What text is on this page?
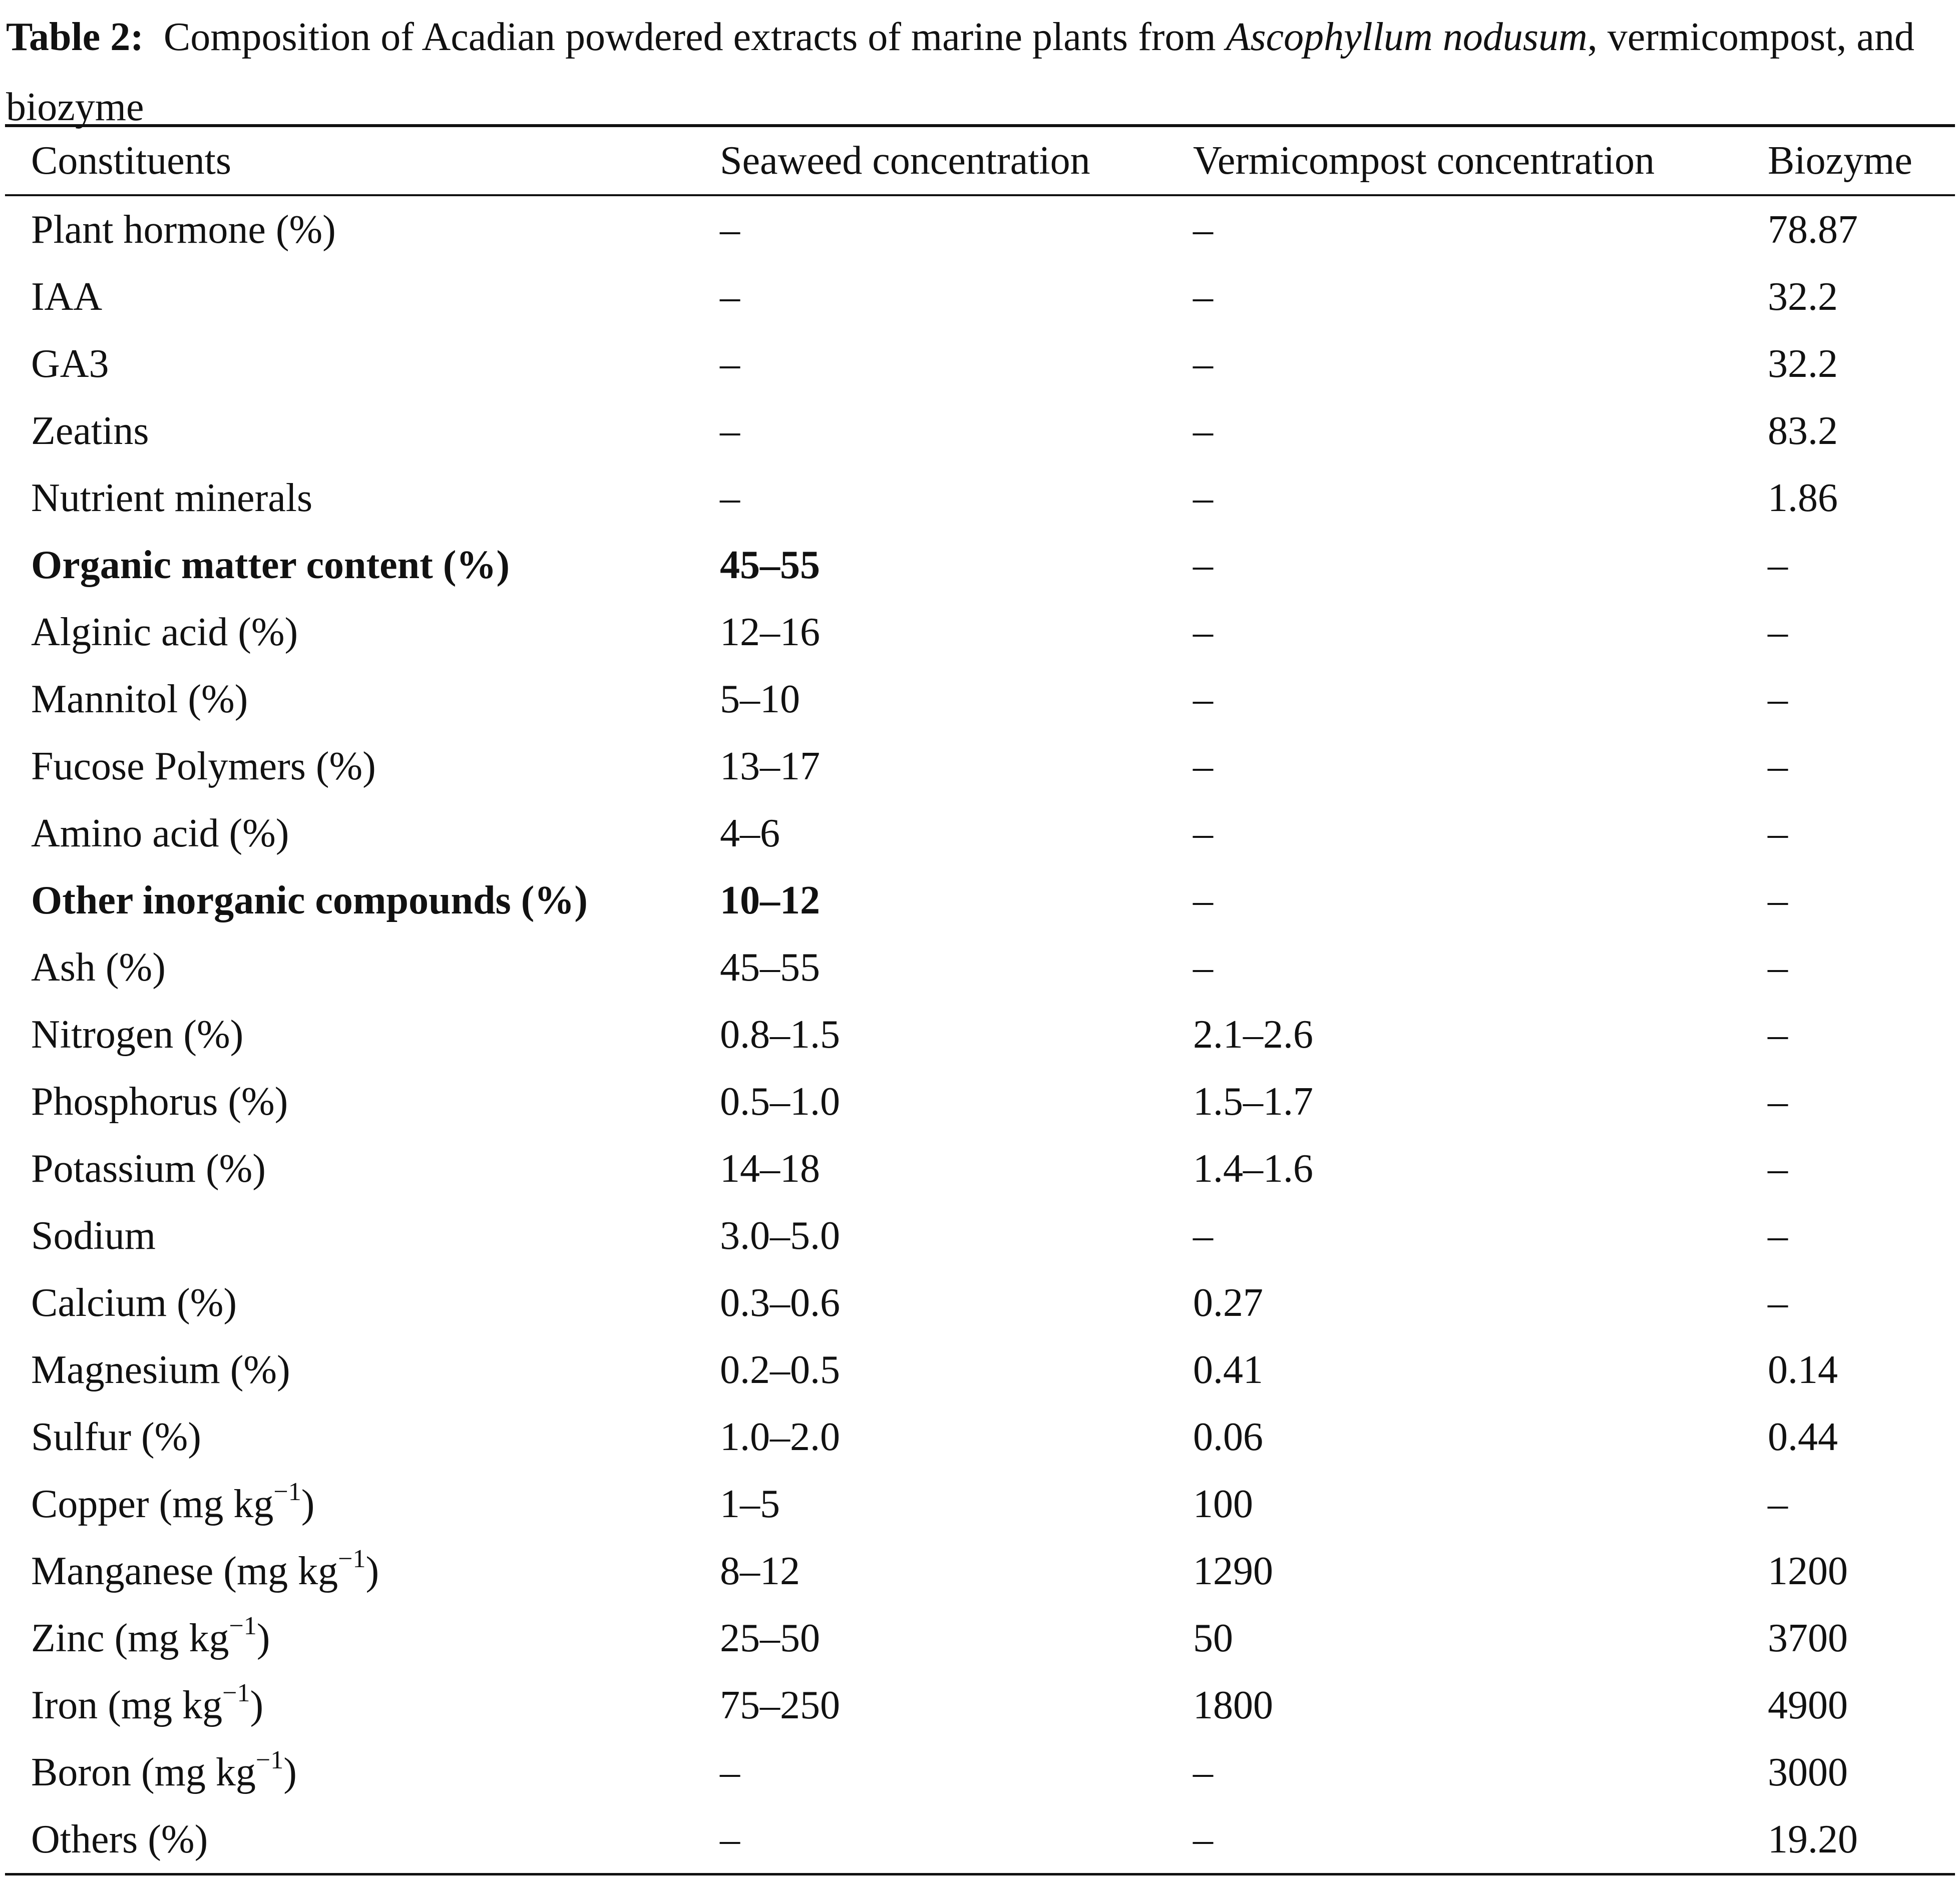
Table 2: Composition of Acadian powdered extracts of marine plants from Ascophyllum nodusum, vermicompost, and biozyme

Constituents	Seaweed concentration	Vermicompost concentration	Biozyme
Plant hormone (%)	–	–	78.87
IAA	–	–	32.2
GA3	–	–	32.2
Zeatins	–	–	83.2
Nutrient minerals	–	–	1.86
Organic matter content (%)	45–55	–	–
Alginic acid (%)	12–16	–	–
Mannitol (%)	5–10	–	–
Fucose Polymers (%)	13–17	–	–
Amino acid (%)	4–6	–	–
Other inorganic compounds (%)	10–12	–	–
Ash (%)	45–55	–	–
Nitrogen (%)	0.8–1.5	2.1–2.6	–
Phosphorus (%)	0.5–1.0	1.5–1.7	–
Potassium (%)	14–18	1.4–1.6	–
Sodium	3.0–5.0	–	–
Calcium (%)	0.3–0.6	0.27	–
Magnesium (%)	0.2–0.5	0.41	0.14
Sulfur (%)	1.0–2.0	0.06	0.44
Copper (mg $kg^{-1}$)	1–5	100	–
Manganese (mg $kg^{-1}$)	8–12	1290	1200
Zinc (mg $kg^{-1}$)	25–50	50	3700
Iron (mg $kg^{-1}$)	75–250	1800	4900
Boron (mg $kg^{-1}$)	–	–	3000
Others (%)	–	–	19.20
